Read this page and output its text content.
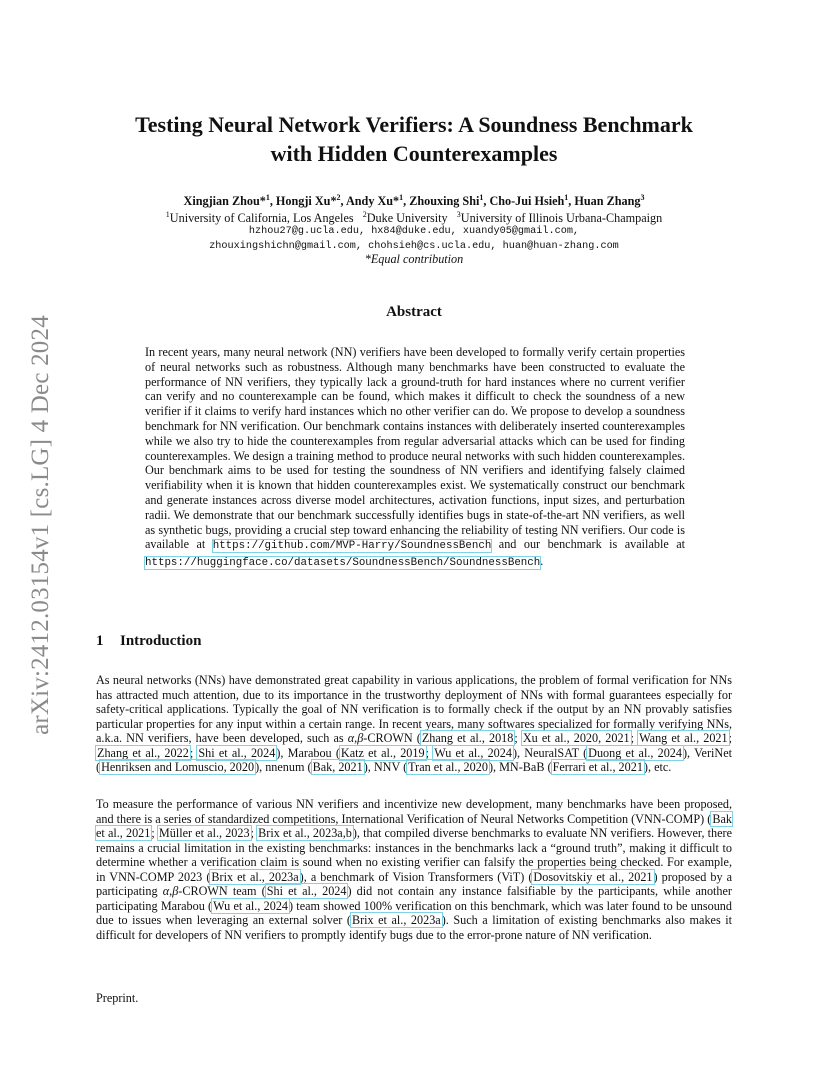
arXiv:2412.03154v1 [cs.LG] 4 Dec 2024
Testing Neural Network Verifiers: A Soundness Benchmark
with Hidden Counterexamples
Xingjian Zhou*$^1$, Hongji Xu*$^2$, Andy Xu*$^1$, Zhouxing Shi$^1$, Cho-Jui Hsieh$^1$, Huan Zhang$^3$
$^1$University of California, Los Angeles   $^2$Duke University   $^3$University of Illinois Urbana-Champaign
hzhou27@g.ucla.edu, hx84@duke.edu, xuandy05@gmail.com,
zhouxingshichn@gmail.com, chohsieh@cs.ucla.edu, huan@huan-zhang.com
*Equal contribution
Abstract
In recent years, many neural network (NN) verifiers have been developed to formally verify certain properties of neural networks such as robustness. Although many benchmarks have been constructed to evaluate the performance of NN verifiers, they typically lack a ground-truth for hard instances where no current verifier can verify and no counterexample can be found, which makes it difficult to check the soundness of a new verifier if it claims to verify hard instances which no other verifier can do. We propose to develop a soundness benchmark for NN verification. Our benchmark contains instances with deliberately inserted counterexamples while we also try to hide the counterexamples from regular adversarial attacks which can be used for finding counterexamples. We design a training method to produce neural networks with such hidden counterexamples. Our benchmark aims to be used for testing the soundness of NN verifiers and identifying falsely claimed verifiability when it is known that hidden counterexamples exist. We systematically construct our benchmark and generate instances across diverse model architectures, activation functions, input sizes, and perturbation radii. We demonstrate that our benchmark successfully identifies bugs in state-of-the-art NN verifiers, as well as synthetic bugs, providing a crucial step toward enhancing the reliability of testing NN verifiers. Our code is available at https://github.com/MVP-Harry/SoundnessBench and our benchmark is available at https://huggingface.co/datasets/SoundnessBench/SoundnessBench.
1 Introduction
As neural networks (NNs) have demonstrated great capability in various applications, the problem of formal verification for NNs has attracted much attention, due to its importance in the trustworthy deployment of NNs with formal guarantees especially for safety-critical applications. Typically the goal of NN verification is to formally check if the output by an NN provably satisfies particular properties for any input within a certain range. In recent years, many softwares specialized for formally verifying NNs, a.k.a. NN verifiers, have been developed, such as α,β-CROWN (Zhang et al., 2018; Xu et al., 2020, 2021; Wang et al., 2021; Zhang et al., 2022; Shi et al., 2024), Marabou (Katz et al., 2019; Wu et al., 2024), NeuralSAT (Duong et al., 2024), VeriNet (Henriksen and Lomuscio, 2020), nnenum (Bak, 2021), NNV (Tran et al., 2020), MN-BaB (Ferrari et al., 2021), etc.
To measure the performance of various NN verifiers and incentivize new development, many benchmarks have been proposed, and there is a series of standardized competitions, International Verification of Neural Networks Competition (VNN-COMP) (Bak et al., 2021; Müller et al., 2023; Brix et al., 2023a,b), that compiled diverse benchmarks to evaluate NN verifiers. However, there remains a crucial limitation in the existing benchmarks: instances in the benchmarks lack a “ground truth”, making it difficult to determine whether a verification claim is sound when no existing verifier can falsify the properties being checked. For example, in VNN-COMP 2023 (Brix et al., 2023a), a benchmark of Vision Transformers (ViT) (Dosovitskiy et al., 2021) proposed by a participating α,β-CROWN team (Shi et al., 2024) did not contain any instance falsifiable by the participants, while another participating Marabou (Wu et al., 2024) team showed 100% verification on this benchmark, which was later found to be unsound due to issues when leveraging an external solver (Brix et al., 2023a). Such a limitation of existing benchmarks also makes it difficult for developers of NN verifiers to promptly identify bugs due to the error-prone nature of NN verification.
Preprint.
